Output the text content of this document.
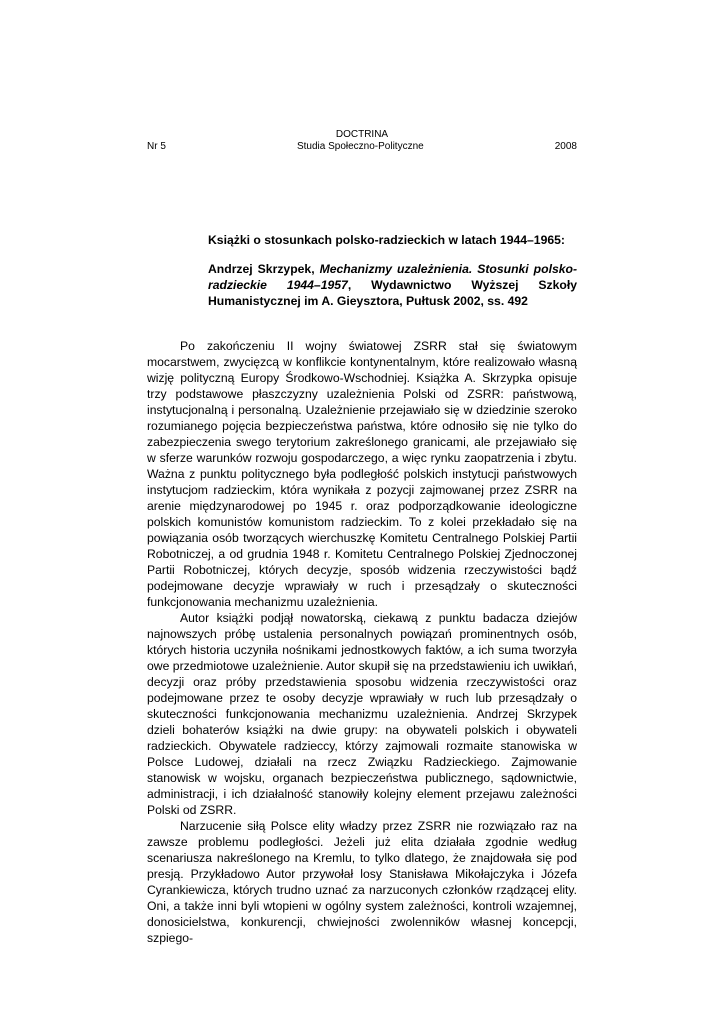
DOCTRINA
Nr 5	Studia Społeczno-Polityczne	2008
Książki o stosunkach polsko-radzieckich w latach 1944–1965:
Andrzej Skrzypek, Mechanizmy uzależnienia. Stosunki polsko-radzieckie 1944–1957, Wydawnictwo Wyższej Szkoły Humanistycznej im A. Gieysztora, Pułtusk 2002, ss. 492

Po zakończeniu II wojny światowej ZSRR stał się światowym mocarstwem, zwycięzcą w konflikcie kontynentalnym, które realizowało własną wizję polityczną Europy Środkowo-Wschodniej. Książka A. Skrzypka opisuje trzy podstawowe płaszczyzny uzależnienia Polski od ZSRR: państwową, instytucjonalną i personalną. Uzależnienie przejawiało się w dziedzinie szeroko rozumianego pojęcia bezpieczeństwa państwa, które odnosiło się nie tylko do zabezpieczenia swego terytorium zakreślonego granicami, ale przejawiało się w sferze warunków rozwoju gospodarczego, a więc rynku zaopatrzenia i zbytu. Ważna z punktu politycznego była podległość polskich instytucji państwowych instytucjom radzieckim, która wynikała z pozycji zajmowanej przez ZSRR na arenie międzynarodowej po 1945 r. oraz podporządkowanie ideologiczne polskich komunistów komunistom radzieckim. To z kolei przekładało się na powiązania osób tworzących wierchuszkę Komitetu Centralnego Polskiej Partii Robotniczej, a od grudnia 1948 r. Komitetu Centralnego Polskiej Zjednoczonej Partii Robotniczej, których decyzje, sposób widzenia rzeczywistości bądź podejmowane decyzje wprawiały w ruch i przesądzały o skuteczności funkcjonowania mechanizmu uzależnienia.

Autor książki podjął nowatorską, ciekawą z punktu badacza dziejów najnowszych próbę ustalenia personalnych powiązań prominentnych osób, których historia uczyniła nośnikami jednostkowych faktów, a ich suma tworzyła owe przedmiotowe uzależnienie. Autor skupił się na przedstawieniu ich uwikłań, decyzji oraz próby przedstawienia sposobu widzenia rzeczywistości oraz podejmowane przez te osoby decyzje wprawiały w ruch lub przesądzały o skuteczności funkcjonowania mechanizmu uzależnienia. Andrzej Skrzypek dzieli bohaterów książki na dwie grupy: na obywateli polskich i obywateli radzieckich. Obywatele radzieccy, którzy zajmowali rozmaite stanowiska w Polsce Ludowej, działali na rzecz Związku Radzieckiego. Zajmowanie stanowisk w wojsku, organach bezpieczeństwa publicznego, sądownictwie, administracji, i ich działalność stanowiły kolejny element przejawu zależności Polski od ZSRR.

Narzucenie siłą Polsce elity władzy przez ZSRR nie rozwiązało raz na zawsze problemu podległości. Jeżeli już elita działała zgodnie według scenariusza nakreślonego na Kremlu, to tylko dlatego, że znajdowała się pod presją. Przykładowo Autor przywołał losy Stanisława Mikołajczyka i Józefa Cyrankiewicza, których trudno uznać za narzuconych członków rządzącej elity. Oni, a także inni byli wtopieni w ogólny system zależności, kontroli wzajemnej, donosicielstwa, konkurencji, chwiejności zwolenników własnej koncepcji, szpiego-
